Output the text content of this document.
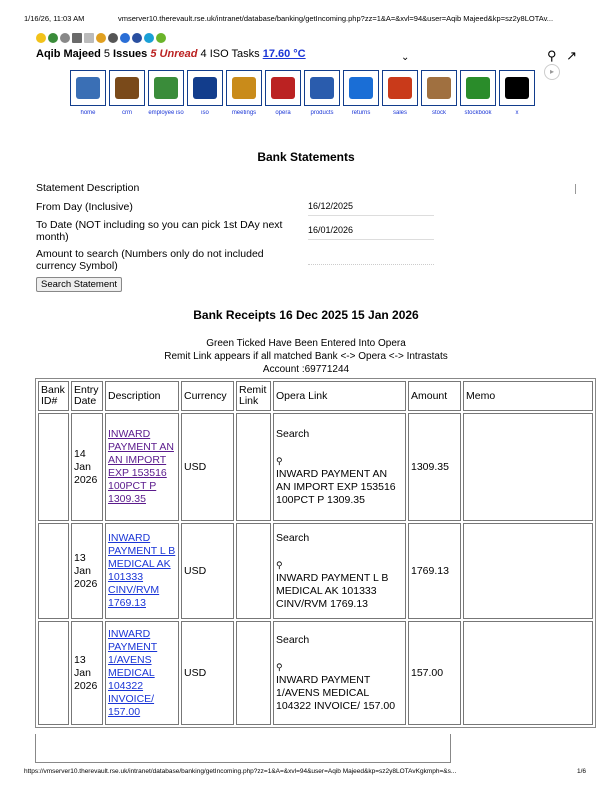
1/16/26, 11:03 AM	vmserver10.therevault.rse.uk/intranet/database/banking/getIncoming.php?zz=1&A=&xvl=94&user=Aqib Majeed&kp=sz2y8LOTAv...
Aqib Majeed 5 Issues 5 Unread 4 ISO Tasks 17.60 °C	⌄	⚲ ↗
▸
home	crm	employee iso	iso	meetings	opera	products	returns	sales	stock	stockbook	x
Bank Statements
Statement Description
From Day (Inclusive)	16/12/2025
To Date (NOT including so you can pick 1st DAy next month)
16/01/2026
Amount to search (Numbers only do not included currency Symbol)
Search Statement
Bank Receipts 16 Dec 2025 15 Jan 2026
Green Ticked Have Been Entered Into Opera
Remit Link appears if all matched Bank <-> Opera <-> Intrastats
Account :69771244
Bank ID#	Entry Date	Description	Currency	Remit Link	Opera Link	Amount	Memo
	14 Jan 2026	INWARD PAYMENT AN AN IMPORT EXP 153516 100PCT P 1309.35	USD		Search
⚲
INWARD PAYMENT AN AN IMPORT EXP 153516 100PCT P 1309.35	1309.35	
	13 Jan 2026	INWARD PAYMENT L B MEDICAL AK 101333 CINV/RVM 1769.13	USD		Search
⚲
INWARD PAYMENT L B MEDICAL AK 101333 CINV/RVM 1769.13	1769.13	
	13 Jan 2026	INWARD PAYMENT 1/AVENS MEDICAL 104322 INVOICE/ 157.00	USD		Search
⚲
INWARD PAYMENT 1/AVENS MEDICAL 104322 INVOICE/ 157.00	157.00	
https://vmserver10.therevault.rse.uk/intranet/database/banking/getIncoming.php?zz=1&A=&xvl=94&user=Aqib Majeed&kp=sz2y8LOTAvKgkmph=&s...	1/6
